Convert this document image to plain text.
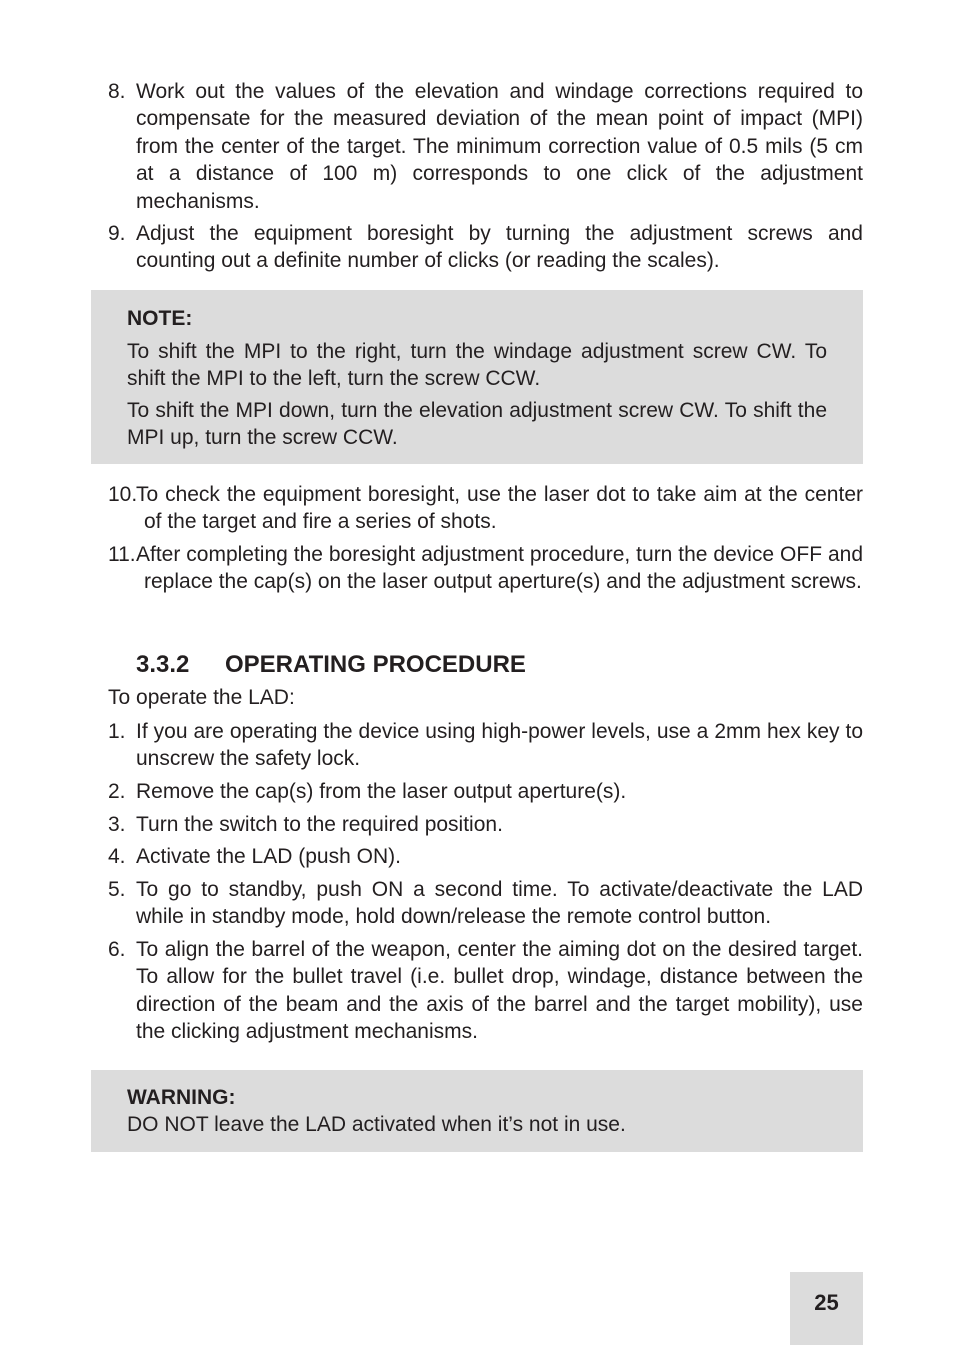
8. Work out the values of the elevation and windage corrections required to compensate for the measured deviation of the mean point of impact (MPI) from the center of the target. The minimum correction value of 0.5 mils (5 cm at a distance of 100 m) corresponds to one click of the adjustment mechanisms.
9. Adjust the equipment boresight by turning the adjustment screws and counting out a definite number of clicks (or reading the scales).
NOTE:
To shift the MPI to the right, turn the windage adjustment screw CW. To shift the MPI to the left, turn the screw CCW.
To shift the MPI down, turn the elevation adjustment screw CW. To shift the MPI up, turn the screw CCW.
10.
To check the equipment boresight, use the laser dot to take aim at the center of the target and fire a series of shots.
11. After completing the boresight adjustment procedure, turn the device OFF and replace the cap(s) on the laser output aperture(s) and the adjustment screws.
3.3.2 OPERATING PROCEDURE
To operate the LAD:
1. If you are operating the device using high-power levels, use a 2mm hex key to unscrew the safety lock.
2. Remove the cap(s) from the laser output aperture(s).
3. Turn the switch to the required position.
4. Activate the LAD (push ON).
5. To go to standby, push ON a second time. To activate/deactivate the LAD while in standby mode, hold down/release the remote control button.
6. To align the barrel of the weapon, center the aiming dot on the desired target. To allow for the bullet travel (i.e. bullet drop, windage, distance between the direction of the beam and the axis of the barrel and the target mobility), use the clicking adjustment mechanisms.
WARNING:
DO NOT leave the LAD activated when it’s not in use.
25
